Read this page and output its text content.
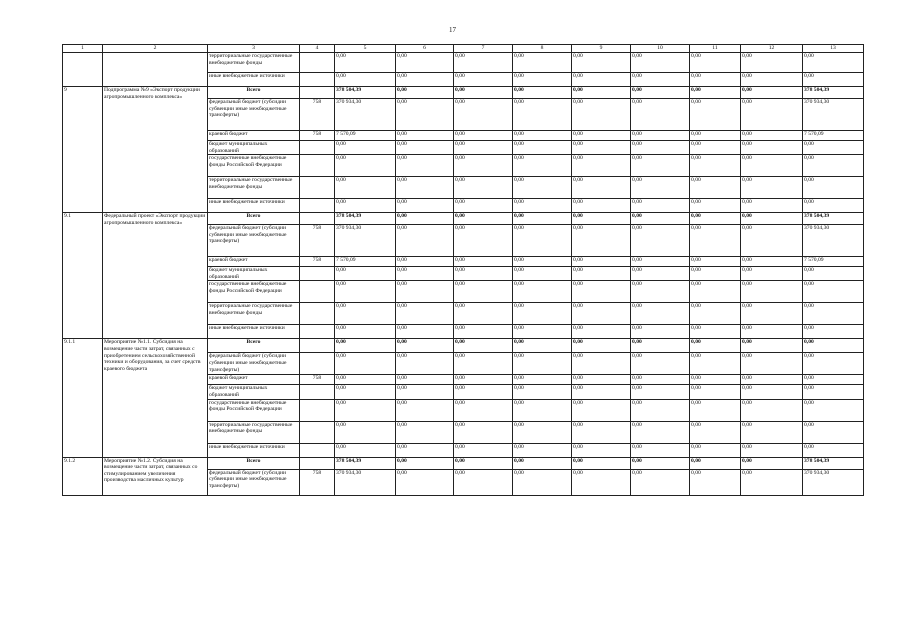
17
1	2	3	4	5	6	7	8	9	10	11	12	13
		территориальные государственные внебюджетные фонды		0,00	0,00	0,00	0,00	0,00	0,00	0,00	0,00	0,00
		иные внебюджетные источники		0,00	0,00	0,00	0,00	0,00	0,00	0,00	0,00	0,00
9	Подпрограмма №9 «Экспорт продукции агропромышленного комплекса»	Всего		378 504,39	0,00	0,00	0,00	0,00	0,00	0,00	0,00	378 504,39
		федеральный бюджет (субсидии субвенции иные межбюджетные трансферты)	758	370 934,30	0,00	0,00	0,00	0,00	0,00	0,00	0,00	370 934,30
		краевой бюджет	758	7 570,09	0,00	0,00	0,00	0,00	0,00	0,00	0,00	7 570,09
		бюджет муниципальных образований		0,00	0,00	0,00	0,00	0,00	0,00	0,00	0,00	0,00
		государственные внебюджетные фонды Российской Федерации		0,00	0,00	0,00	0,00	0,00	0,00	0,00	0,00	0,00
		территориальные государственные внебюджетные фонды		0,00	0,00	0,00	0,00	0,00	0,00	0,00	0,00	0,00
		иные внебюджетные источники		0,00	0,00	0,00	0,00	0,00	0,00	0,00	0,00	0,00
9.1	Федеральный проект «Экспорт продукции агропромышленного комплекса»	Всего		378 504,39	0,00	0,00	0,00	0,00	0,00	0,00	0,00	378 504,39
		федеральный бюджет (субсидии субвенции иные межбюджетные трансферты)	758	370 934,30	0,00	0,00	0,00	0,00	0,00	0,00	0,00	370 934,30
		краевой бюджет	758	7 570,09	0,00	0,00	0,00	0,00	0,00	0,00	0,00	7 570,09
		бюджет муниципальных образований		0,00	0,00	0,00	0,00	0,00	0,00	0,00	0,00	0,00
		государственные внебюджетные фонды Российской Федерации		0,00	0,00	0,00	0,00	0,00	0,00	0,00	0,00	0,00
		территориальные государственные внебюджетные фонды		0,00	0,00	0,00	0,00	0,00	0,00	0,00	0,00	0,00
		иные внебюджетные источники		0,00	0,00	0,00	0,00	0,00	0,00	0,00	0,00	0,00
9.1.1	Мероприятие №1.1. Субсидия на возмещение части затрат, связанных с приобретением сельскохозяйственной техники и оборудования, за счет средств краевого бюджета	Всего		0,00	0,00	0,00	0,00	0,00	0,00	0,00	0,00	0,00
		федеральный бюджет (субсидии субвенции иные межбюджетные трансферты)		0,00	0,00	0,00	0,00	0,00	0,00	0,00	0,00	0,00
		краевой бюджет	758	0,00	0,00	0,00	0,00	0,00	0,00	0,00	0,00	0,00
		бюджет муниципальных образований		0,00	0,00	0,00	0,00	0,00	0,00	0,00	0,00	0,00
		государственные внебюджетные фонды Российской Федерации		0,00	0,00	0,00	0,00	0,00	0,00	0,00	0,00	0,00
		территориальные государственные внебюджетные фонды		0,00	0,00	0,00	0,00	0,00	0,00	0,00	0,00	0,00
		иные внебюджетные источники		0,00	0,00	0,00	0,00	0,00	0,00	0,00	0,00	0,00
9.1.2	Мероприятие №1.2. Субсидия на возмещение части затрат, связанных со стимулированием увеличения производства масличных культур	Всего		378 504,39	0,00	0,00	0,00	0,00	0,00	0,00	0,00	378 504,39
		федеральный бюджет (субсидии субвенции иные межбюджетные трансферты)	758	370 934,30	0,00	0,00	0,00	0,00	0,00	0,00	0,00	370 934,30
